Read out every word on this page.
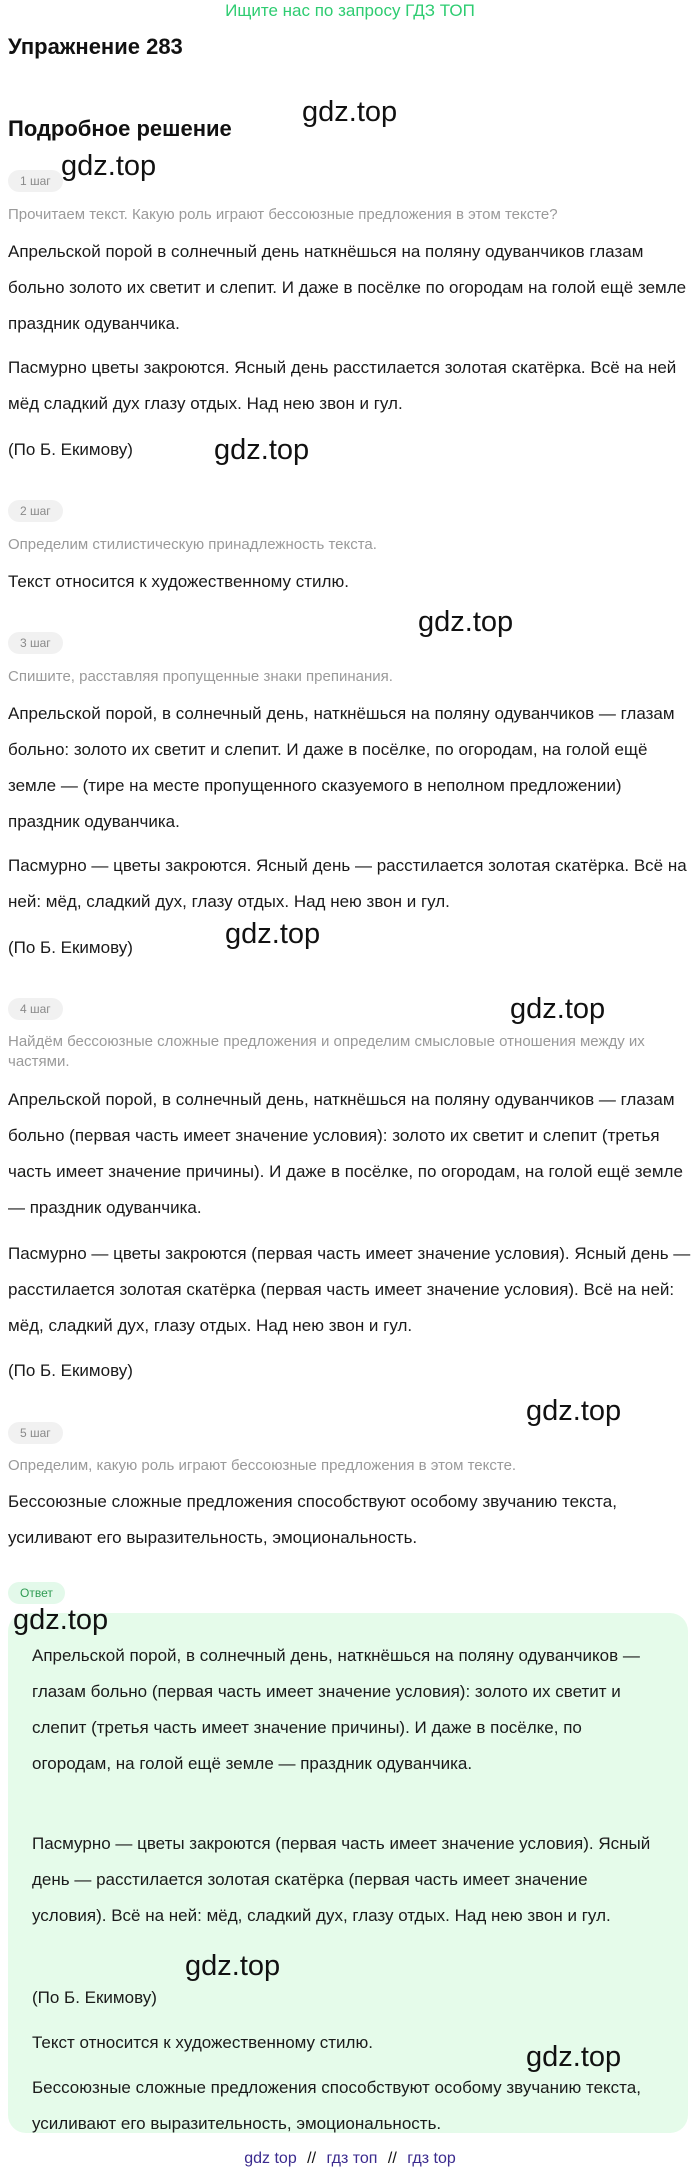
Ищите нас по запросу ГДЗ ТОП
Упражнение 283
gdz.top
Подробное решение
1 шаг gdz.top
Прочитаем текст. Какую роль играют бессоюзные предложения в этом тексте?
Апрельской порой в солнечный день наткнёшься на поляну одуванчиков глазам больно золото их светит и слепит. И даже в посёлке по огородам на голой ещё земле праздник одуванчика.
Пасмурно цветы закроются. Ясный день расстилается золотая скатёрка. Всё на ней мёд сладкий дух глазу отдых. Над нею звон и гул.
(По Б. Екимову)	gdz.top
2 шаг
Определим стилистическую принадлежность текста.
Текст относится к художественному стилю.
gdz.top
3 шаг
Спишите, расставляя пропущенные знаки препинания.
Апрельской порой, в солнечный день, наткнёшься на поляну одуванчиков — глазам больно: золото их светит и слепит. И даже в посёлке, по огородам, на голой ещё земле — (тире на месте пропущенного сказуемого в неполном предложении) праздник одуванчика.
Пасмурно — цветы закроются. Ясный день — расстилается золотая скатёрка. Всё на ней: мёд, сладкий дух, глазу отдых. Над нею звон и гул.
(По Б. Екимову)	gdz.top
gdz.top
4 шаг
Найдём бессоюзные сложные предложения и определим смысловые отношения между их частями.
Апрельской порой, в солнечный день, наткнёшься на поляну одуванчиков — глазам больно (первая часть имеет значение условия): золото их светит и слепит (третья часть имеет значение причины). И даже в посёлке, по огородам, на голой ещё земле — праздник одуванчика.
Пасмурно — цветы закроются (первая часть имеет значение условия). Ясный день — расстилается золотая скатёрка (первая часть имеет значение условия). Всё на ней: мёд, сладкий дух, глазу отдых. Над нею звон и гул.
(По Б. Екимову)
gdz.top
5 шаг
Определим, какую роль играют бессоюзные предложения в этом тексте.
Бессоюзные сложные предложения способствуют особому звучанию текста, усиливают его выразительность, эмоциональность.
Ответ
gdz.top
Апрельской порой, в солнечный день, наткнёшься на поляну одуванчиков — глазам больно (первая часть имеет значение условия): золото их светит и слепит (третья часть имеет значение причины). И даже в посёлке, по огородам, на голой ещё земле — праздник одуванчика.
Пасмурно — цветы закроются (первая часть имеет значение условия). Ясный день — расстилается золотая скатёрка (первая часть имеет значение условия). Всё на ней: мёд, сладкий дух, глазу отдых. Над нею звон и гул.
gdz.top
(По Б. Екимову)
Текст относится к художественному стилю.	gdz.top
Бессоюзные сложные предложения способствуют особому звучанию текста, усиливают его выразительность, эмоциональность.
gdz top // гдз топ // гдз top
